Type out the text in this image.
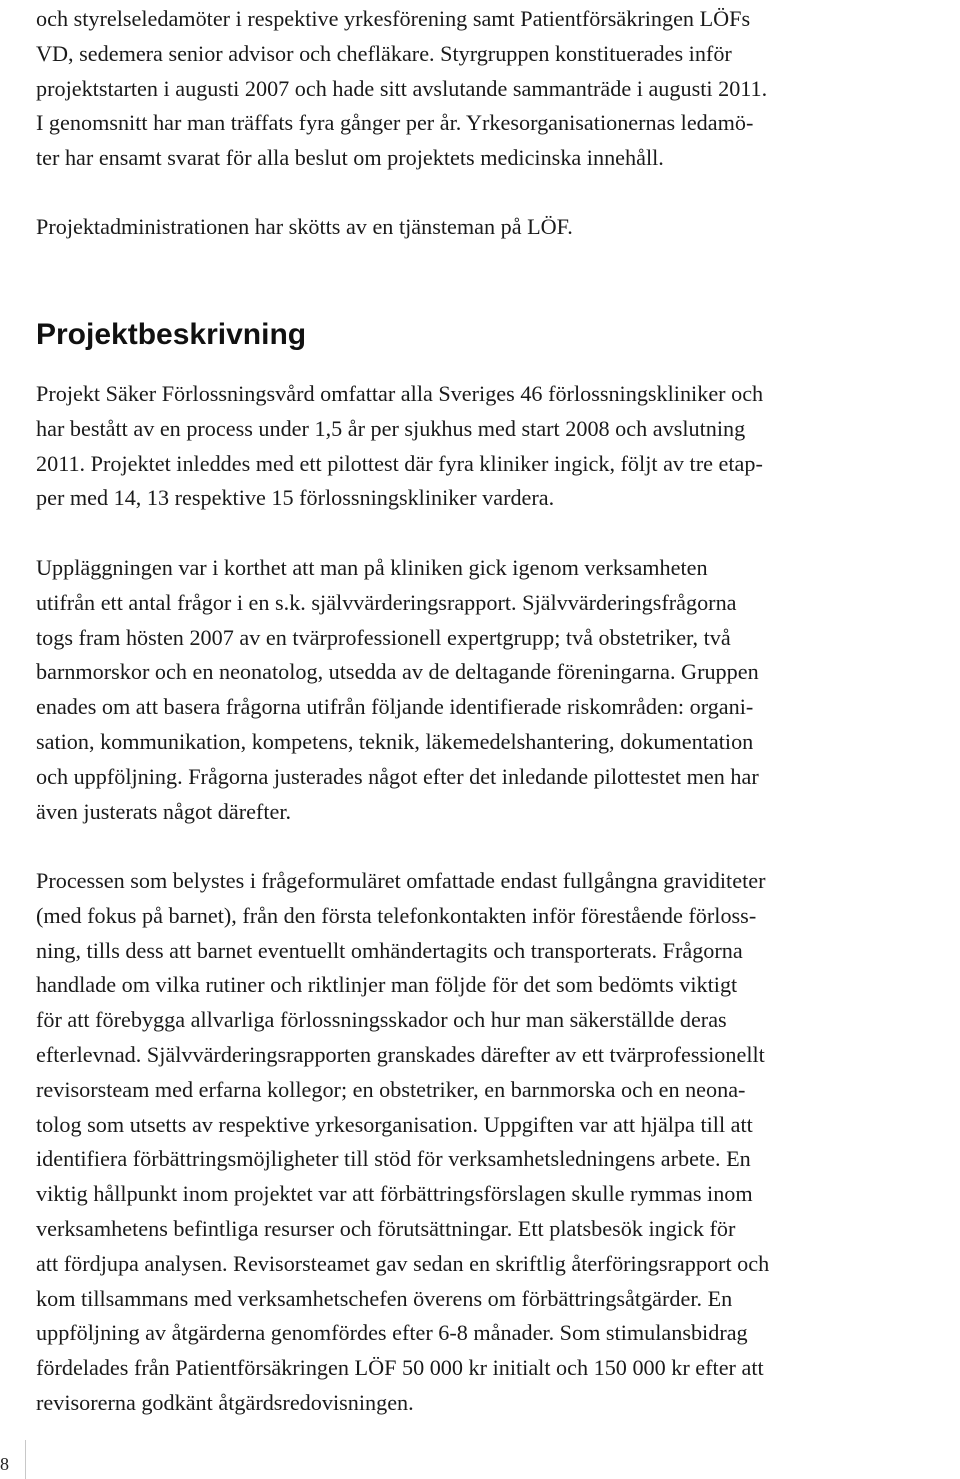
och styrelseledamöter i respektive yrkesförening samt Patientförsäkringen LÖFs
VD, sedemera senior advisor och chefläkare. Styrgruppen konstituerades inför
projektstarten i augusti 2007 och hade sitt avslutande sammanträde i augusti 2011.
I genomsnitt har man träffats fyra gånger per år. Yrkesorganisationernas ledamö-
ter har ensamt svarat för alla beslut om projektets medicinska innehåll.

Projektadministrationen har skötts av en tjänsteman på LÖF.

Projektbeskrivning

Projekt Säker Förlossningsvård omfattar alla Sveriges 46 förlossningskliniker och
har bestått av en process under 1,5 år per sjukhus med start 2008 och avslutning
2011. Projektet inleddes med ett pilottest där fyra kliniker ingick, följt av tre etap-
per med 14, 13 respektive 15 förlossningskliniker vardera.

Uppläggningen var i korthet att man på kliniken gick igenom verksamheten
utifrån ett antal frågor i en s.k. självvärderingsrapport. Självvärderingsfrågorna
togs fram hösten 2007 av en tvärprofessionell expertgrupp; två obstetriker, två
barnmorskor och en neonatolog, utsedda av de deltagande föreningarna. Gruppen
enades om att basera frågorna utifrån följande identifierade riskområden: organi-
sation, kommunikation, kompetens, teknik, läkemedelshantering, dokumentation
och uppföljning. Frågorna justerades något efter det inledande pilottestet men har
även justerats något därefter.

Processen som belystes i frågeformuläret omfattade endast fullgångna graviditeter
(med fokus på barnet), från den första telefonkontakten inför förestående förloss-
ning, tills dess att barnet eventuellt omhändertagits och transporterats. Frågorna
handlade om vilka rutiner och riktlinjer man följde för det som bedömts viktigt
för att förebygga allvarliga förlossningsskador och hur man säkerställde deras
efterlevnad. Självvärderingsrapporten granskades därefter av ett tvärprofessionellt
revisorsteam med erfarna kollegor; en obstetriker, en barnmorska och en neona-
tolog som utsetts av respektive yrkesorganisation. Uppgiften var att hjälpa till att
identifiera förbättringsmöjligheter till stöd för verksamhetsledningens arbete. En
viktig hållpunkt inom projektet var att förbättringsförslagen skulle rymmas inom
verksamhetens befintliga resurser och förutsättningar. Ett platsbesök ingick för
att fördjupa analysen. Revisorsteamet gav sedan en skriftlig återföringsrapport och
kom tillsammans med verksamhetschefen överens om förbättringsåtgärder. En
uppföljning av åtgärderna genomfördes efter 6-8 månader. Som stimulansbidrag
fördelades från Patientförsäkringen LÖF 50 000 kr initialt och 150 000 kr efter att
revisorerna godkänt åtgärdsredovisningen.

8
